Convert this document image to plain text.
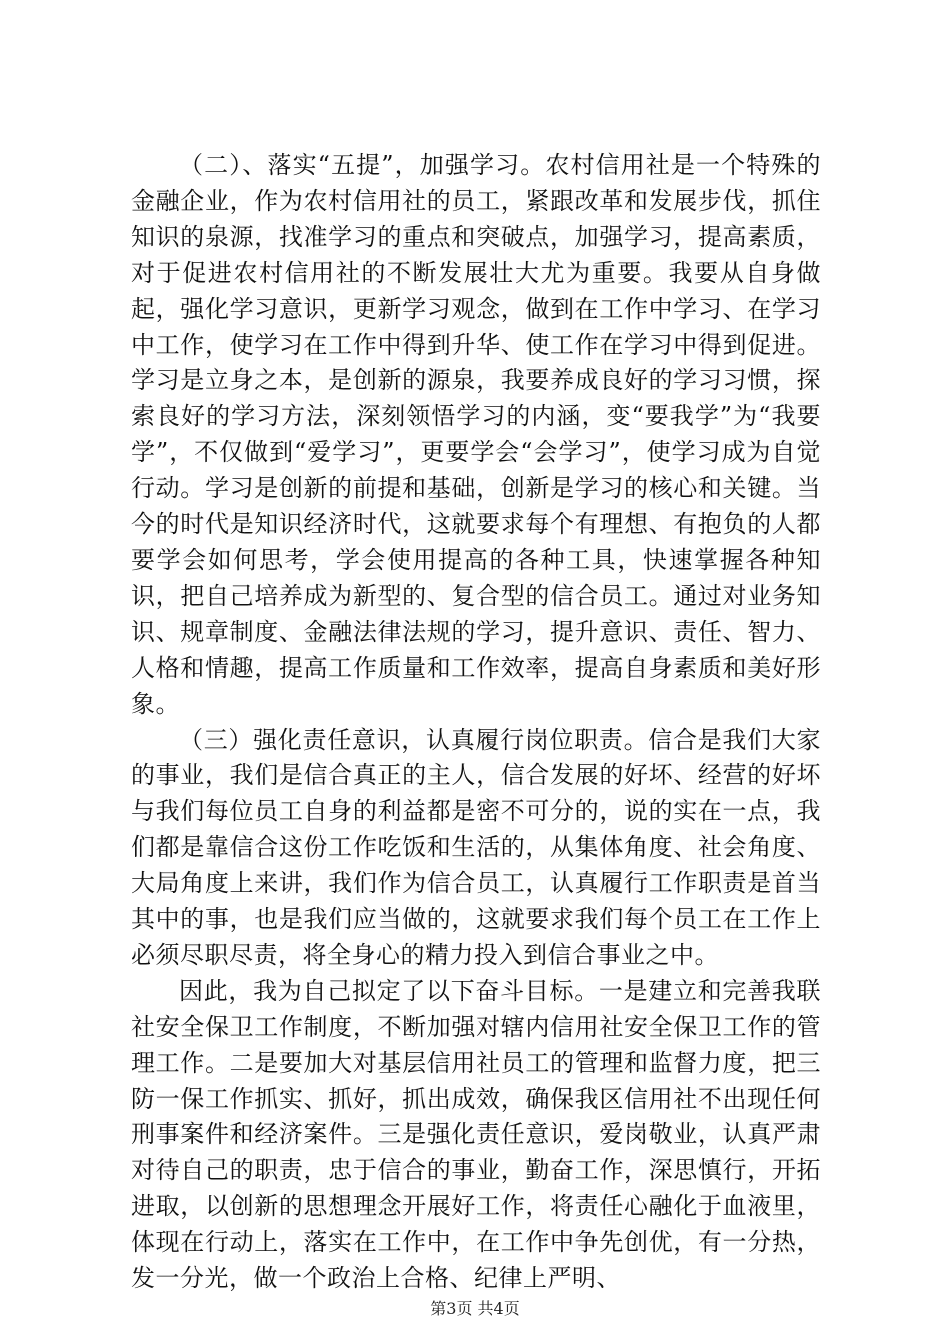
（二）、落实“五提”，加强学习。农村信用社是一个特殊的金融企业，作为农村信用社的员工，紧跟改革和发展步伐，抓住知识的泉源，找准学习的重点和突破点，加强学习，提高素质，对于促进农村信用社的不断发展壮大尤为重要。我要从自身做起，强化学习意识，更新学习观念，做到在工作中学习、在学习中工作，使学习在工作中得到升华、使工作在学习中得到促进。学习是立身之本，是创新的源泉，我要养成良好的学习习惯，探索良好的学习方法，深刻领悟学习的内涵，变“要我学”为“我要学”，不仅做到“爱学习”，更要学会“会学习”，使学习成为自觉行动。学习是创新的前提和基础，创新是学习的核心和关键。当今的时代是知识经济时代，这就要求每个有理想、有抱负的人都要学会如何思考，学会使用提高的各种工具，快速掌握各种知识，把自己培养成为新型的、复合型的信合员工。通过对业务知识、规章制度、金融法律法规的学习，提升意识、责任、智力、人格和情趣，提高工作质量和工作效率，提高自身素质和美好形象。

（三）强化责任意识，认真履行岗位职责。信合是我们大家的事业，我们是信合真正的主人，信合发展的好坏、经营的好坏与我们每位员工自身的利益都是密不可分的，说的实在一点，我们都是靠信合这份工作吃饭和生活的，从集体角度、社会角度、大局角度上来讲，我们作为信合员工，认真履行工作职责是首当其中的事，也是我们应当做的，这就要求我们每个员工在工作上必须尽职尽责，将全身心的精力投入到信合事业之中。

因此，我为自己拟定了以下奋斗目标。一是建立和完善我联社安全保卫工作制度，不断加强对辖内信用社安全保卫工作的管理工作。二是要加大对基层信用社员工的管理和监督力度，把三防一保工作抓实、抓好，抓出成效，确保我区信用社不出现任何刑事案件和经济案件。三是强化责任意识，爱岗敬业，认真严肃对待自己的职责，忠于信合的事业，勤奋工作，深思慎行，开拓进取，以创新的思想理念开展好工作，将责任心融化于血液里，体现在行动上，落实在工作中，在工作中争先创优，有一分热，发一分光，做一个政治上合格、纪律上严明、

第3页 共4页
